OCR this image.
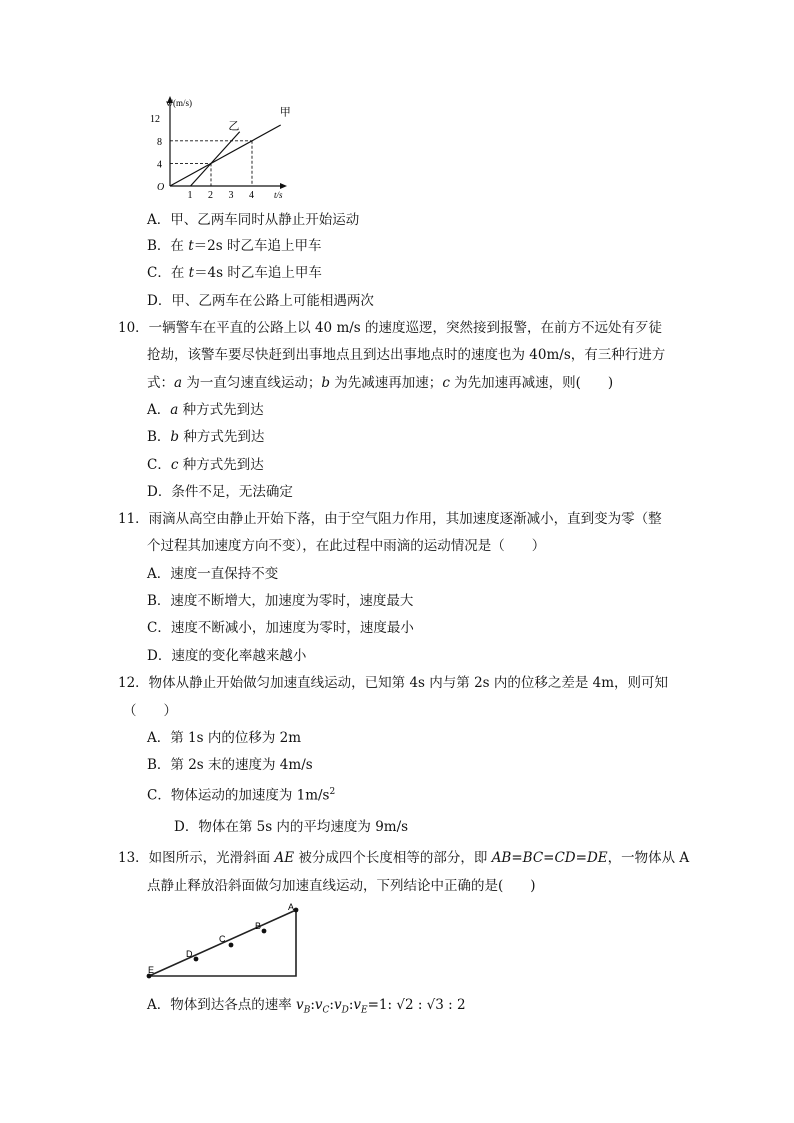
1 2 3 4
4
8
12
O
v/(m/s)
t/s
甲
乙
A．甲、乙两车同时从静止开始运动
B．在 t＝2s 时乙车追上甲车
C．在 t＝4s 时乙车追上甲车
D．甲、乙两车在公路上可能相遇两次
10．一辆警车在平直的公路上以 40 m/s 的速度巡逻，突然接到报警，在前方不远处有歹徒
抢劫，该警车要尽快赶到出事地点且到达出事地点时的速度也为 40m/s，有三种行进方
式：a 为一直匀速直线运动；b 为先减速再加速；c 为先加速再减速，则(　　)
A．a 种方式先到达
B．b 种方式先到达
C．c 种方式先到达
D．条件不足，无法确定
11．雨滴从高空由静止开始下落，由于空气阻力作用，其加速度逐渐减小，直到变为零（整
个过程其加速度方向不变），在此过程中雨滴的运动情况是（　　）
A．速度一直保持不变
B．速度不断增大，加速度为零时，速度最大
C．速度不断减小，加速度为零时，速度最小
D．速度的变化率越来越小
12．物体从静止开始做匀加速直线运动，已知第 4s 内与第 2s 内的位移之差是 4m，则可知
（　　）
A．第 1s 内的位移为 2m
B．第 2s 末的速度为 4m/s
C．物体运动的加速度为 $1m/s^2$
D．物体在第 5s 内的平均速度为 9m/s
13．如图所示，光滑斜面 AE 被分成四个长度相等的部分，即 AB=BC=CD=DE，一物体从 A
点静止释放沿斜面做匀加速直线运动，下列结论中正确的是(　　)
A
B
C
D
E
A．物体到达各点的速率 $v_B:v_C:v_D:v_E=1$: √2 : √3 : 2
